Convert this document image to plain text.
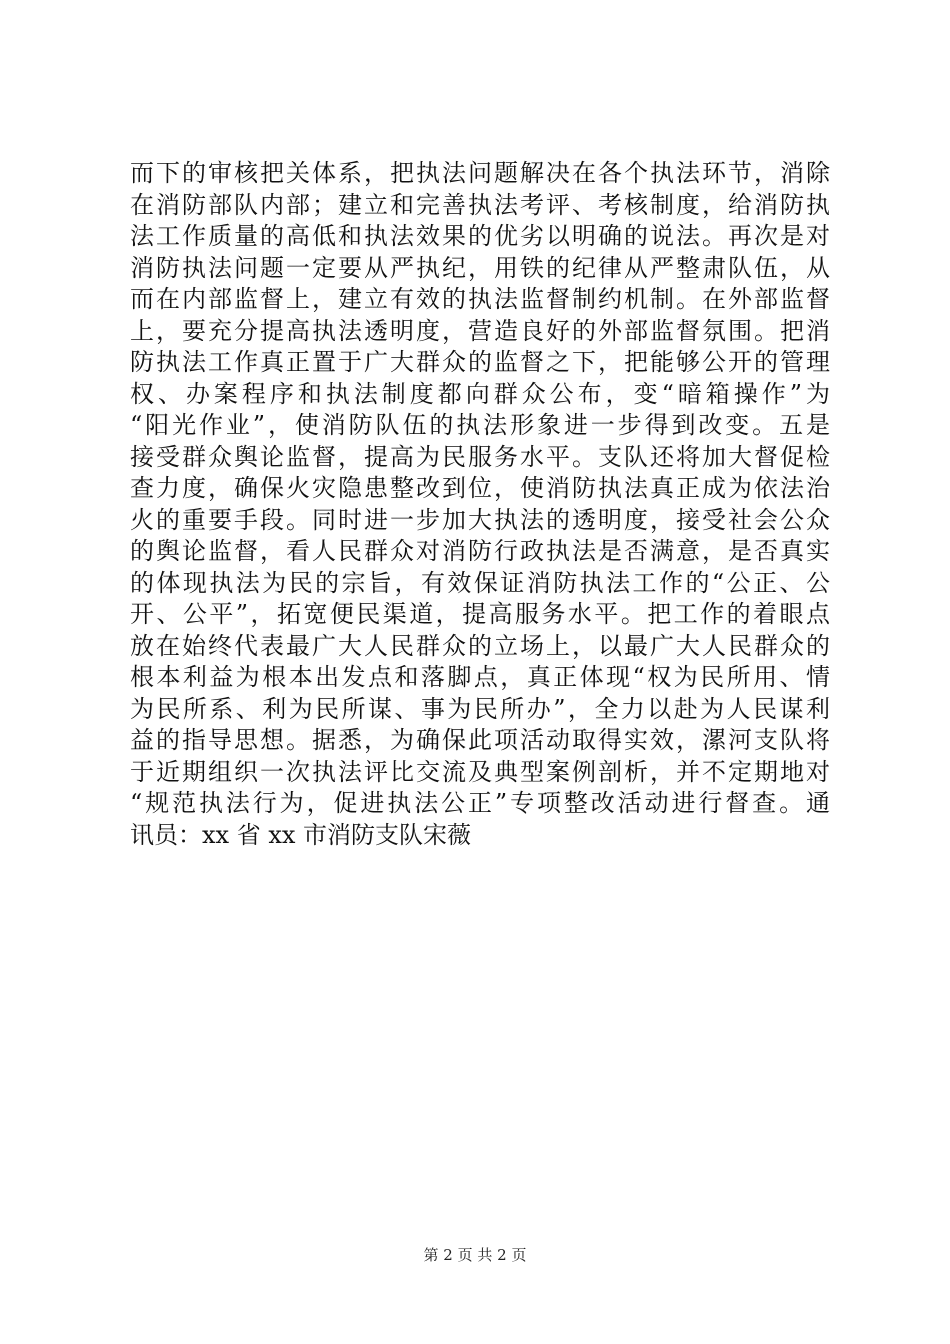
而下的审核把关体系，把执法问题解决在各个执法环节，消除
在消防部队内部；建立和完善执法考评、考核制度，给消防执
法工作质量的高低和执法效果的优劣以明确的说法。再次是对
消防执法问题一定要从严执纪，用铁的纪律从严整肃队伍，从
而在内部监督上，建立有效的执法监督制约机制。在外部监督
上，要充分提高执法透明度，营造良好的外部监督氛围。把消
防执法工作真正置于广大群众的监督之下，把能够公开的管理
权、办案程序和执法制度都向群众公布，变“暗箱操作”为
“阳光作业”，使消防队伍的执法形象进一步得到改变。五是
接受群众舆论监督，提高为民服务水平。支队还将加大督促检
查力度，确保火灾隐患整改到位，使消防执法真正成为依法治
火的重要手段。同时进一步加大执法的透明度，接受社会公众
的舆论监督，看人民群众对消防行政执法是否满意，是否真实
的体现执法为民的宗旨，有效保证消防执法工作的“公正、公
开、公平”，拓宽便民渠道，提高服务水平。把工作的着眼点
放在始终代表最广大人民群众的立场上，以最广大人民群众的
根本利益为根本出发点和落脚点，真正体现“权为民所用、情
为民所系、利为民所谋、事为民所办”，全力以赴为人民谋利
益的指导思想。据悉，为确保此项活动取得实效，漯河支队将
于近期组织一次执法评比交流及典型案例剖析，并不定期地对
“规范执法行为，促进执法公正”专项整改活动进行督查。通
讯员：xx 省 xx 市消防支队宋薇
第 2 页 共 2 页
